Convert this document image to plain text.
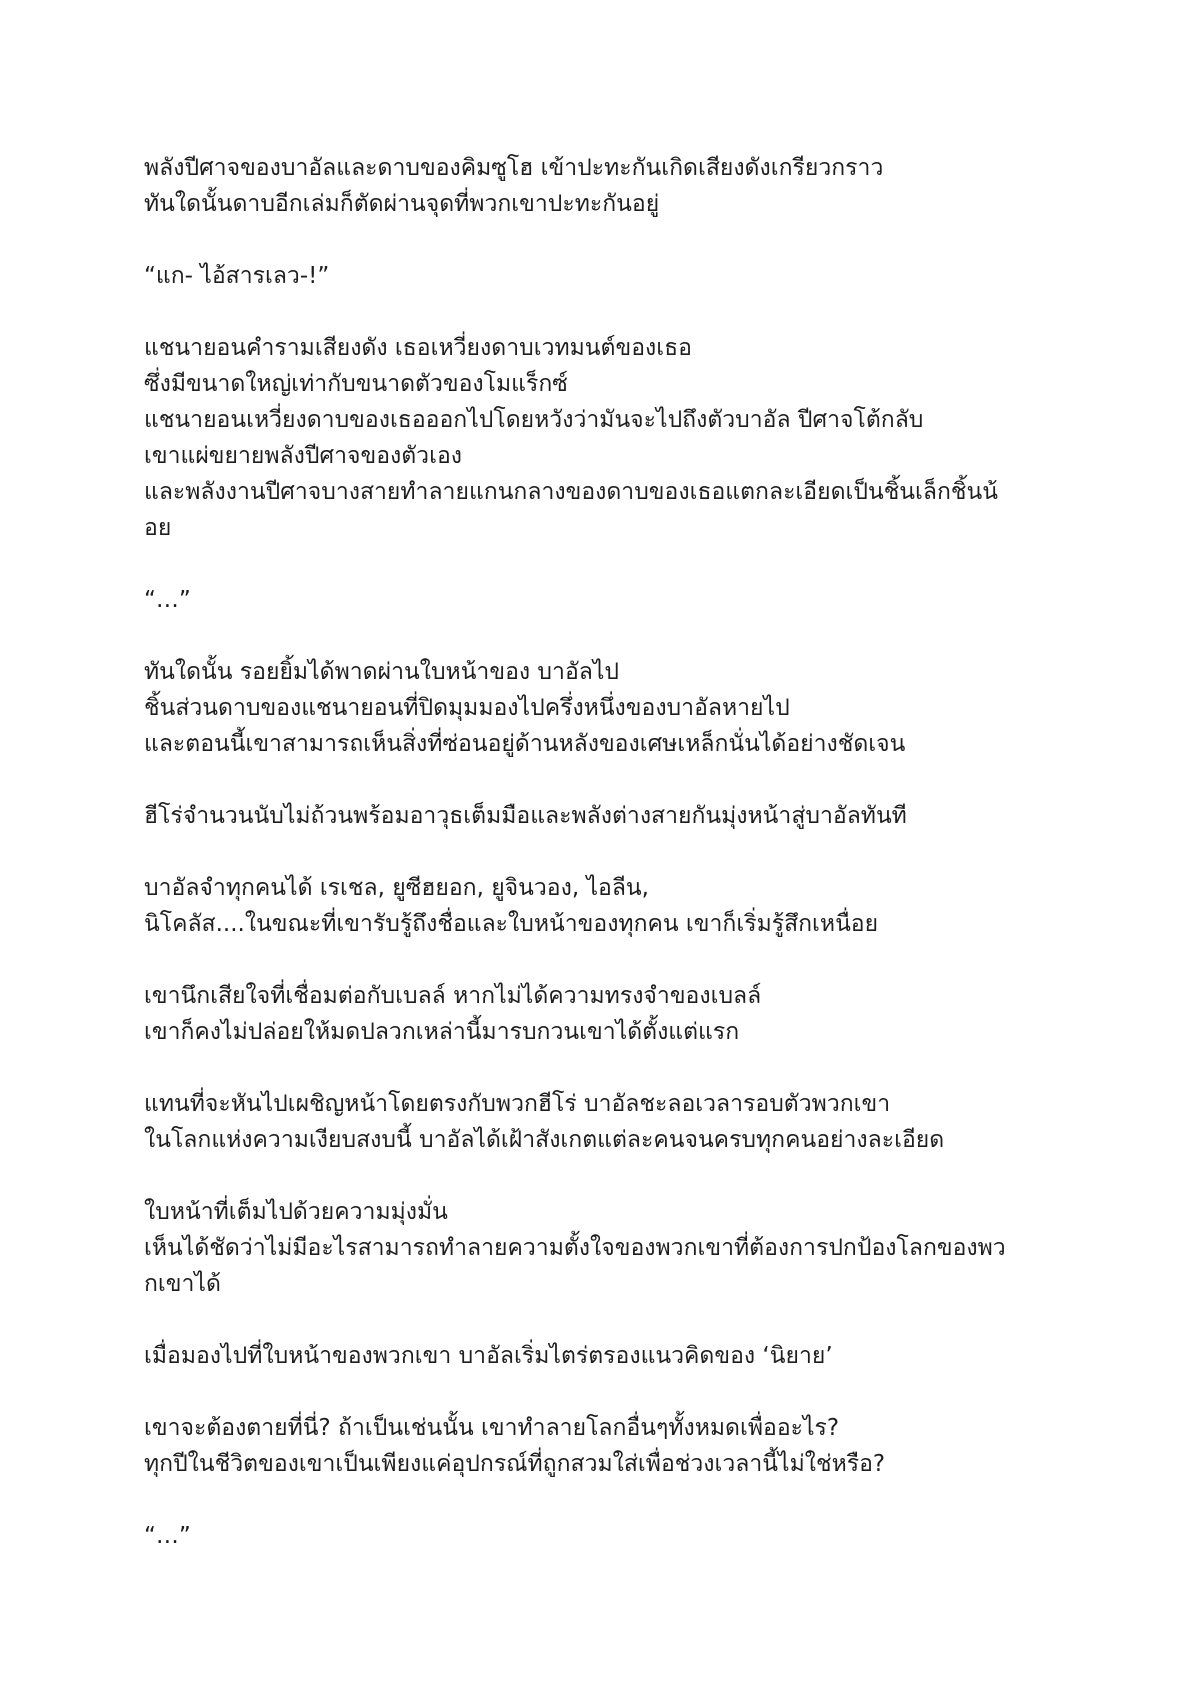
พลังปีศาจของบาอัลและดาบของคิมซูโฮ เข้าปะทะกันเกิดเสียงดังเกรียวกราว
ทันใดนั้นดาบอีกเล่มก็ตัดผ่านจุดที่พวกเขาปะทะกันอยู่
“แก- ไอ้สารเลว-!”
แชนายอนคำรามเสียงดัง เธอเหวี่ยงดาบเวทมนต์ของเธอ
ซึ่งมีขนาดใหญ่เท่ากับขนาดตัวของโมแร็กซ์
แชนายอนเหวี่ยงดาบของเธอออกไปโดยหวังว่ามันจะไปถึงตัวบาอัล ปีศาจโต้กลับ
เขาแผ่ขยายพลังปีศาจของตัวเอง
และพลังงานปีศาจบางสายทำลายแกนกลางของดาบของเธอแตกละเอียดเป็นชิ้นเล็กชิ้นน้
อย
“…”
ทันใดนั้น รอยยิ้มได้พาดผ่านใบหน้าของ บาอัลไป
ชิ้นส่วนดาบของแชนายอนที่ปิดมุมมองไปครึ่งหนึ่งของบาอัลหายไป
และตอนนี้เขาสามารถเห็นสิ่งที่ซ่อนอยู่ด้านหลังของเศษเหล็กนั่นได้อย่างชัดเจน
ฮีโร่จำนวนนับไม่ถ้วนพร้อมอาวุธเต็มมือและพลังต่างสายกันมุ่งหน้าสู่บาอัลทันที
บาอัลจำทุกคนได้ เรเชล, ยูซีฮยอก, ยูจินวอง, ไอลีน,
นิโคลัส....ในขณะที่เขารับรู้ถึงชื่อและใบหน้าของทุกคน เขาก็เริ่มรู้สึกเหนื่อย
เขานึกเสียใจที่เชื่อมต่อกับเบลล์ หากไม่ได้ความทรงจำของเบลล์
เขาก็คงไม่ปล่อยให้มดปลวกเหล่านี้มารบกวนเขาได้ตั้งแต่แรก
แทนที่จะหันไปเผชิญหน้าโดยตรงกับพวกฮีโร่ บาอัลชะลอเวลารอบตัวพวกเขา
ในโลกแห่งความเงียบสงบนี้ บาอัลได้เฝ้าสังเกตแต่ละคนจนครบทุกคนอย่างละเอียด
ใบหน้าที่เต็มไปด้วยความมุ่งมั่น
เห็นได้ชัดว่าไม่มีอะไรสามารถทำลายความตั้งใจของพวกเขาที่ต้องการปกป้องโลกของพว
กเขาได้
เมื่อมองไปที่ใบหน้าของพวกเขา บาอัลเริ่มไตร่ตรองแนวคิดของ ‘นิยาย’
เขาจะต้องตายที่นี่? ถ้าเป็นเช่นนั้น เขาทำลายโลกอื่นๆทั้งหมดเพื่ออะไร?
ทุกปีในชีวิตของเขาเป็นเพียงแค่อุปกรณ์ที่ถูกสวมใส่เพื่อช่วงเวลานี้ไม่ใช่หรือ?
“…”
